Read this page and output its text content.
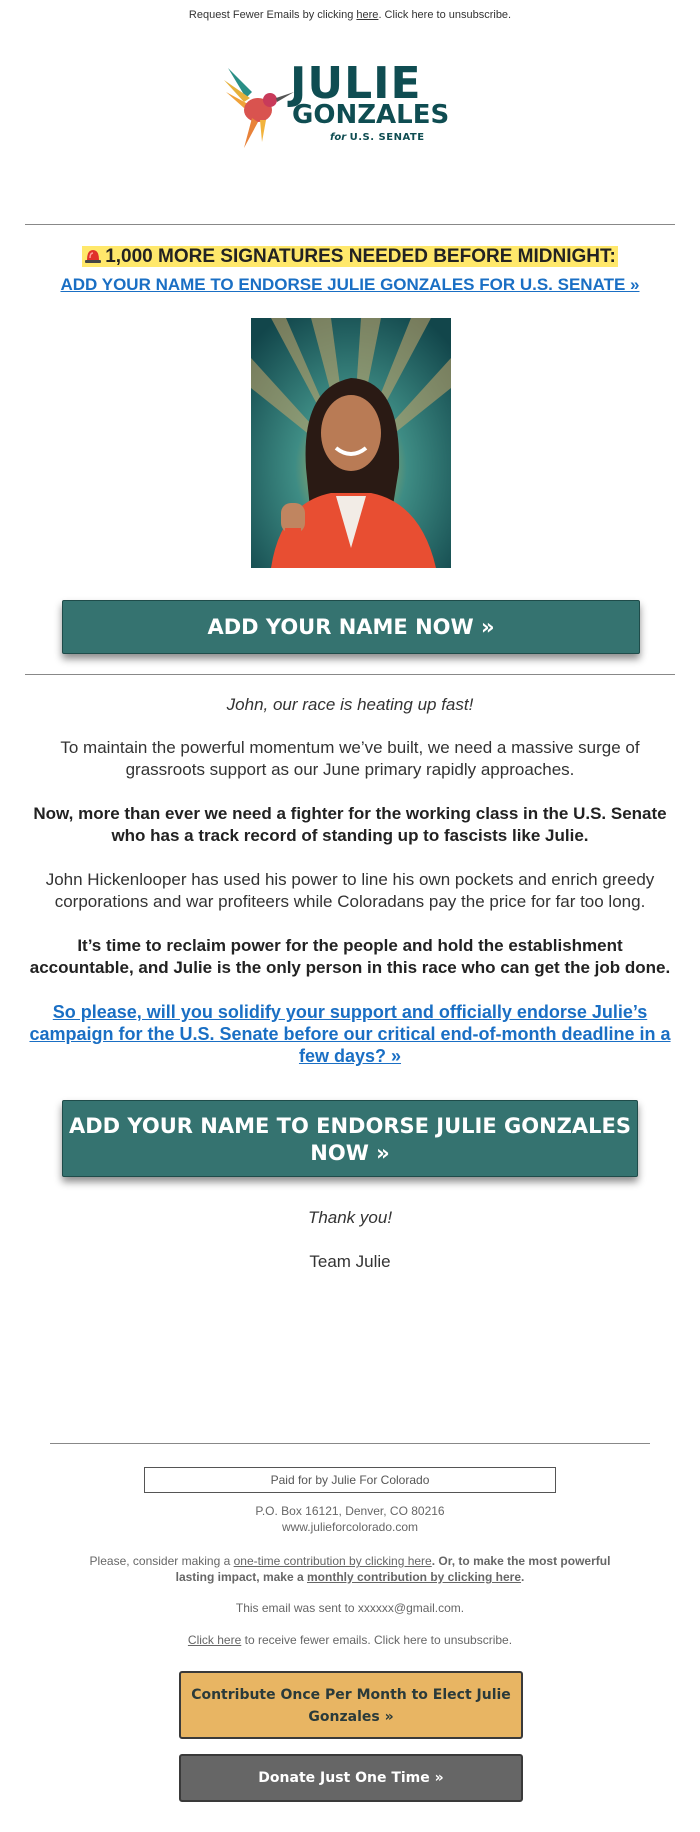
Request Fewer Emails by clicking here. Click here to unsubscribe.
JULIE
GONZALES
for U.S. SENATE
1,000 MORE SIGNATURES NEEDED BEFORE MIDNIGHT:
ADD YOUR NAME TO ENDORSE JULIE GONZALES FOR U.S. SENATE »
ADD YOUR NAME NOW »
John, our race is heating up fast!
To maintain the powerful momentum we’ve built, we need a massive surge of grassroots support as our June primary rapidly approaches.
Now, more than ever we need a fighter for the working class in the U.S. Senate who has a track record of standing up to fascists like Julie.
John Hickenlooper has used his power to line his own pockets and enrich greedy corporations and war profiteers while Coloradans pay the price for far too long.
It’s time to reclaim power for the people and hold the establishment accountable, and Julie is the only person in this race who can get the job done.
So please, will you solidify your support and officially endorse Julie’s campaign for the U.S. Senate before our critical end-of-month deadline in a few days? »
ADD YOUR NAME TO ENDORSE JULIE GONZALES NOW »
Thank you!
Team Julie
Paid for by Julie For Colorado
P.O. Box 16121, Denver, CO 80216
www.julieforcolorado.com
Please, consider making a one-time contribution by clicking here. Or, to make the most powerful lasting impact, make a monthly contribution by clicking here.
This email was sent to xxxxxx@gmail.com.
Click here to receive fewer emails. Click here to unsubscribe.
Contribute Once Per Month to Elect Julie Gonzales »
Donate Just One Time »
